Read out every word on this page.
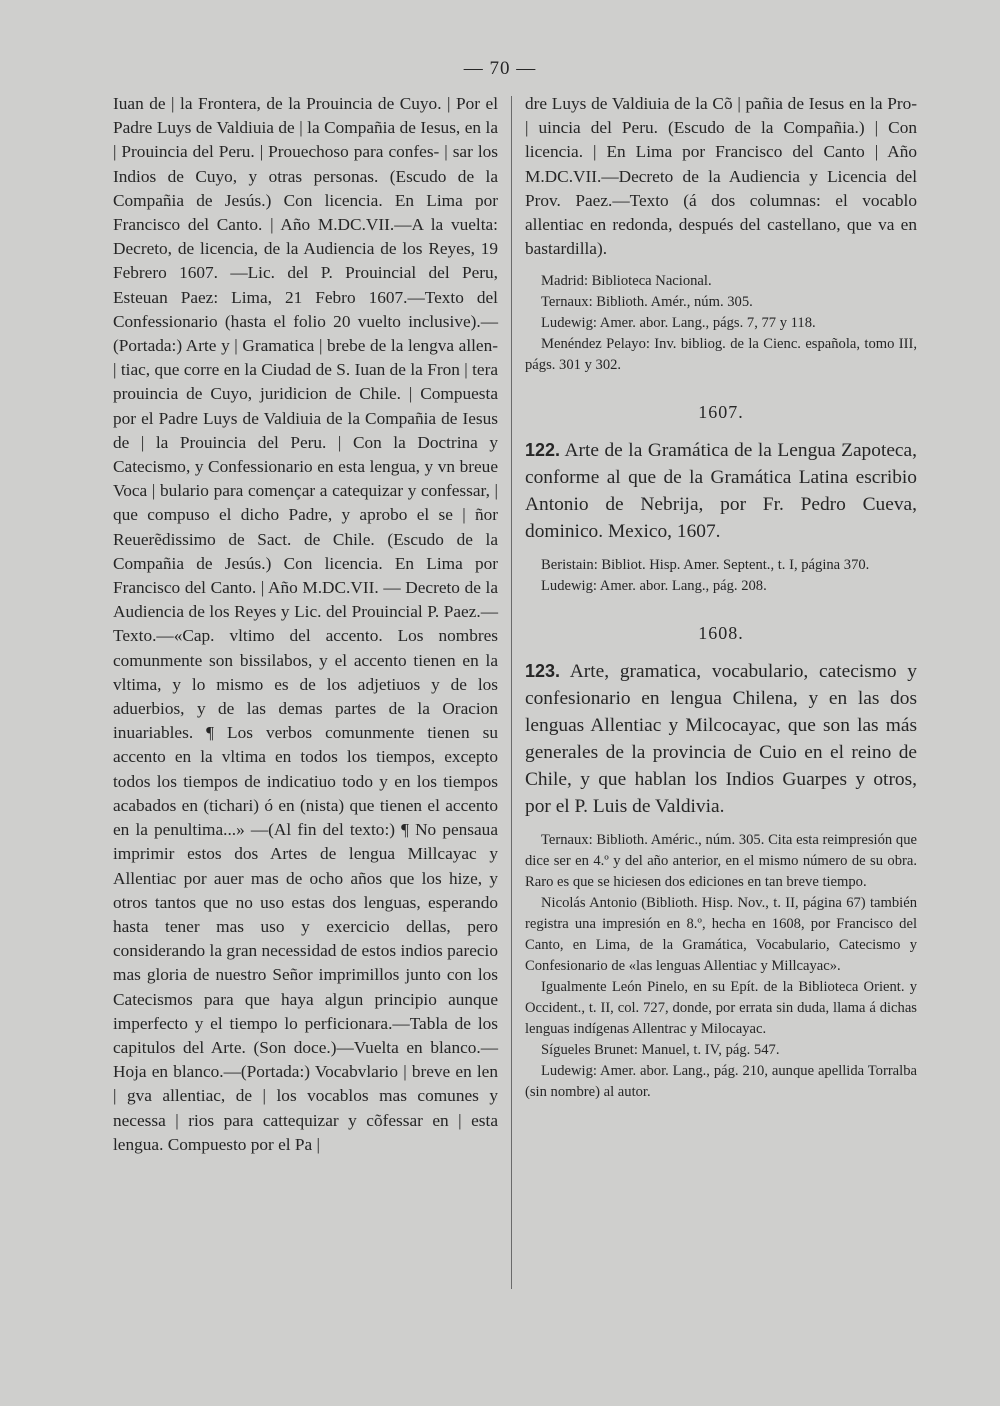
— 70 —

Iuan de | la Frontera, de la Prouincia de Cuyo. | Por el Padre Luys de Valdiuia de | la Compañia de Iesus, en la | Prouincia del Peru. | Prouechoso para confes- | sar los Indios de Cuyo, y otras personas. (Escudo de la Compañia de Jesús.) Con licencia. En Lima por Francisco del Canto. | Año M.DC.VII.—A la vuelta: Decreto, de licencia, de la Audiencia de los Reyes, 19 Febrero 1607. —Lic. del P. Prouincial del Peru, Esteuan Paez: Lima, 21 Febro 1607.—Texto del Confessionario (hasta el folio 20 vuelto inclusive).—(Portada:) Arte y | Gramatica | brebe de la lengva allen- | tiac, que corre en la Ciudad de S. Iuan de la Fron | tera prouincia de Cuyo, juridicion de Chile. | Compuesta por el Padre Luys de Valdiuia de la Compañia de Iesus de | la Prouincia del Peru. | Con la Doctrina y Catecismo, y Confessionario en esta lengua, y vn breue Voca | bulario para començar a catequizar y confessar, | que compuso el dicho Padre, y aprobo el se | ñor Reuerẽdissimo de Sact. de Chile. (Escudo de la Compañia de Jesús.) Con licencia. En Lima por Francisco del Canto. | Año M.DC.VII. — Decreto de la Audiencia de los Reyes y Lic. del Prouincial P. Paez.—Texto.—«Cap. vltimo del accento. Los nombres comunmente son bissilabos, y el accento tienen en la vltima, y lo mismo es de los adjetiuos y de los aduerbios, y de las demas partes de la Oracion inuariables. ¶ Los verbos comunmente tienen su accento en la vltima en todos los tiempos, excepto todos los tiempos de indicatiuo todo y en los tiempos acabados en (tichari) ó en (nista) que tienen el accento en la penultima...» —(Al fin del texto:) ¶ No pensaua imprimir estos dos Artes de lengua Millcayac y Allentiac por auer mas de ocho años que los hize, y otros tantos que no uso estas dos lenguas, esperando hasta tener mas uso y exercicio dellas, pero considerando la gran necessidad de estos indios parecio mas gloria de nuestro Señor imprimillos junto con los Catecismos para que haya algun principio aunque imperfecto y el tiempo lo perficionara.—Tabla de los capitulos del Arte. (Son doce.)—Vuelta en blanco.—Hoja en blanco.—(Portada:) Vocabvlario | breve en len | gva allentiac, de | los vocablos mas comunes y necessa | rios para cattequizar y cõfessar en | esta lengua. Compuesto por el Pa |

dre Luys de Valdiuia de la Cõ | pañia de Iesus en la Pro- | uincia del Peru. (Escudo de la Compañia.) | Con licencia. | En Lima por Francisco del Canto | Año M.DC.VII.—Decreto de la Audiencia y Licencia del Prov. Paez.—Texto (á dos columnas: el vocablo allentiac en redonda, después del castellano, que va en bastardilla).

Madrid: Biblioteca Nacional.

Ternaux: Biblioth. Amér., núm. 305.

Ludewig: Amer. abor. Lang., págs. 7, 77 y 118.

Menéndez Pelayo: Inv. bibliog. de la Cienc. española, tomo III, págs. 301 y 302.

1607.

122. Arte de la Gramática de la Lengua Zapoteca, conforme al que de la Gramática Latina escribio Antonio de Nebrija, por Fr. Pedro Cueva, dominico. Mexico, 1607.

Beristain: Bibliot. Hisp. Amer. Septent., t. I, página 370.

Ludewig: Amer. abor. Lang., pág. 208.

1608.

123. Arte, gramatica, vocabulario, catecismo y confesionario en lengua Chilena, y en las dos lenguas Allentiac y Milcocayac, que son las más generales de la provincia de Cuio en el reino de Chile, y que hablan los Indios Guarpes y otros, por el P. Luis de Valdivia.

Ternaux: Biblioth. Améric., núm. 305. Cita esta reimpresión que dice ser en 4.º y del año anterior, en el mismo número de su obra. Raro es que se hiciesen dos ediciones en tan breve tiempo.

Nicolás Antonio (Biblioth. Hisp. Nov., t. II, página 67) también registra una impresión en 8.º, hecha en 1608, por Francisco del Canto, en Lima, de la Gramática, Vocabulario, Catecismo y Confesionario de «las lenguas Allentiac y Millcayac».

Igualmente León Pinelo, en su Epít. de la Biblioteca Orient. y Occident., t. II, col. 727, donde, por errata sin duda, llama á dichas lenguas indígenas Allentrac y Milocayac.

Sígueles Brunet: Manuel, t. IV, pág. 547.

Ludewig: Amer. abor. Lang., pág. 210, aunque apellida Torralba (sin nombre) al autor.
